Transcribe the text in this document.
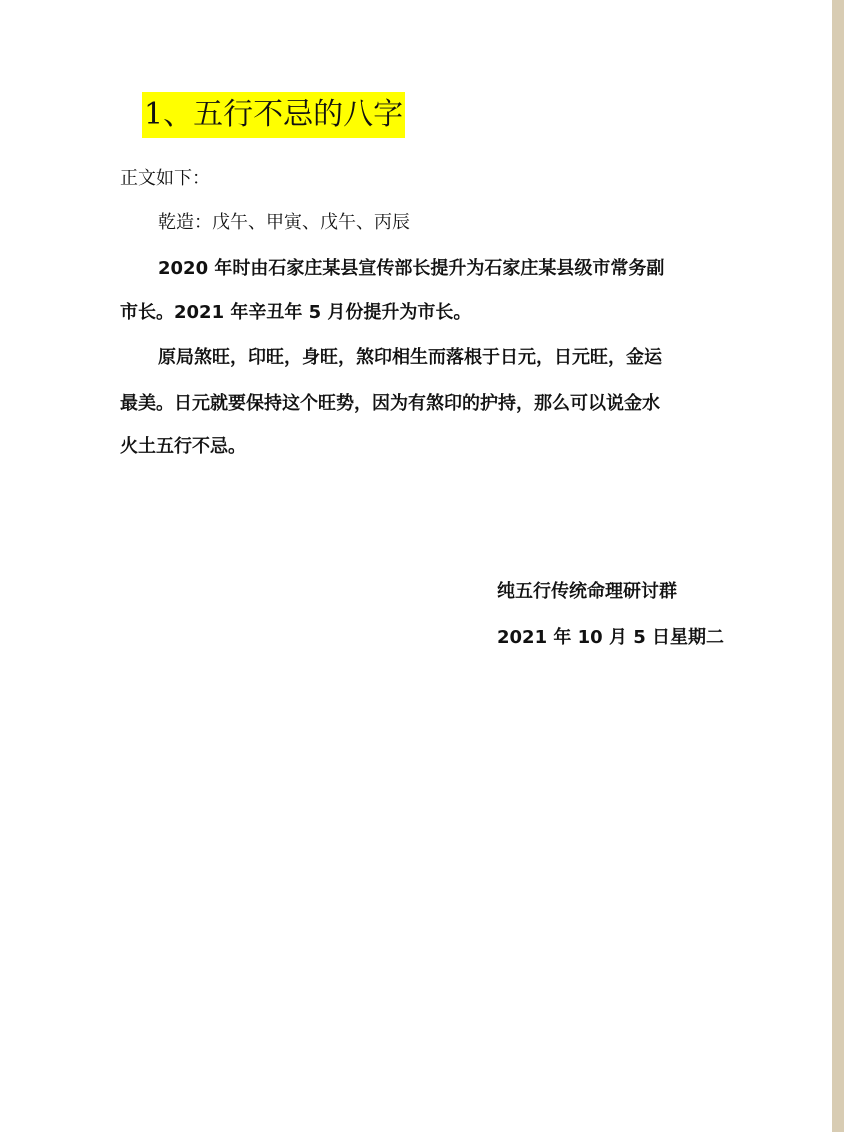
1、五行不忌的八字
正文如下：
乾造：戊午、甲寅、戊午、丙辰
2020 年时由石家庄某县宣传部长提升为石家庄某县级市常务副
市长。2021 年辛丑年 5 月份提升为市长。
原局煞旺，印旺，身旺，煞印相生而落根于日元，日元旺，金运
最美。日元就要保持这个旺势，因为有煞印的护持，那么可以说金水
火土五行不忌。
纯五行传统命理研讨群
2021 年 10 月 5 日星期二
